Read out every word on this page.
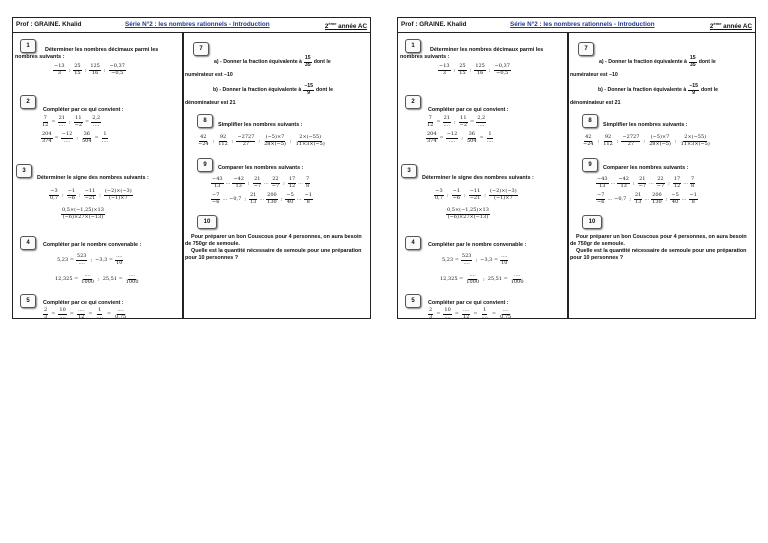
Prof : GRAINE. Khalid	Série N°2 : les nombres rationnels - Introduction	2ème année AC
1
Déterminer les nombres décimaux parmi les nombres suivants :
−13
3 ;
25
15 ;
125
16 ;
−0,37
−0,5
2
Compléter par ce qui convient :
7
12 =
21
.... ;
11
−2 =
2,2
....
204
374 =
−12
.... ;
36
504 =
1
....
3
Déterminer le signe des nombres suivants :
−3
0,7 ;
−1
−6 ;
−11
−21 ;
(−2)×(−3)
(−1)×7
0,5×(−1,25)×13
(−6)×27×(−13)
4	Compléter par le nombre convenable :
5,23 =
523
.... ; −3,3 =
....
10
12,325 =
....
1000 ; 25,51 =
....
1000
5	Compléter par ce qui convient :
$\frac{2}{3}$ =
10
.... =
....
12 =
1
.... =
....
0,75
7
a) - Donner la fraction équivalente à
15
35 dont le
numérateur est −10
b) - Donner la fraction équivalente à
−15
9 dont le
dénominateur est 21
8
Simplifier les nombres suivants :
42
−24 ;
92
112 ;
−2727
27 ;
(−5)×7
28×(−5) ;
2×(−55)
11×3×(−5)
9	Comparer les nombres suivants :
−43
13 ...
−42
13 ;
21
−7 ...
22
−7 ;
17
12 ...
7
8
−7
−6 ... −0,7 ;
21
13 ...
200
130 ;
−5
40 ...
−1
8
10
Pour préparer un bon Couscous pour 4 personnes, on aura besoin de 750gr de semoule.
Quelle est la quantité nécessaire de semoule pour une préparation pour 10 personnes ?
Prof : GRAINE. Khalid	Série N°2 : les nombres rationnels - Introduction	2ème année AC
1
Déterminer les nombres décimaux parmi les nombres suivants :
−13
3 ;
25
15 ;
125
16 ;
−0,37
−0,5
2
Compléter par ce qui convient :
7
12 =
21
.... ;
11
−2 =
2,2
....
204
374 =
−12
.... ;
36
504 =
1
....
3
Déterminer le signe des nombres suivants :
−3
0,7 ;
−1
−6 ;
−11
−21 ;
(−2)×(−3)
(−1)×7
0,5×(−1,25)×13
(−6)×27×(−13)
4	Compléter par le nombre convenable :
5,23 =
523
.... ; −3,3 =
....
10
12,325 =
....
1000 ; 25,51 =
....
1000
5	Compléter par ce qui convient :
$\frac{2}{3}$ =
10
.... =
....
12 =
1
.... =
....
0,75
7
a) - Donner la fraction équivalente à
15
35 dont le
numérateur est −10
b) - Donner la fraction équivalente à
−15
9 dont le
dénominateur est 21
8
Simplifier les nombres suivants :
42
−24 ;
92
112 ;
−2727
27 ;
(−5)×7
28×(−5) ;
2×(−55)
11×3×(−5)
9	Comparer les nombres suivants :
−43
13 ...
−42
13 ;
21
−7 ...
22
−7 ;
17
12 ...
7
8
−7
−6 ... −0,7 ;
21
13 ...
200
130 ;
−5
40 ...
−1
8
10
Pour préparer un bon Couscous pour 4 personnes, on aura besoin de 750gr de semoule.
Quelle est la quantité nécessaire de semoule pour une préparation pour 10 personnes ?
